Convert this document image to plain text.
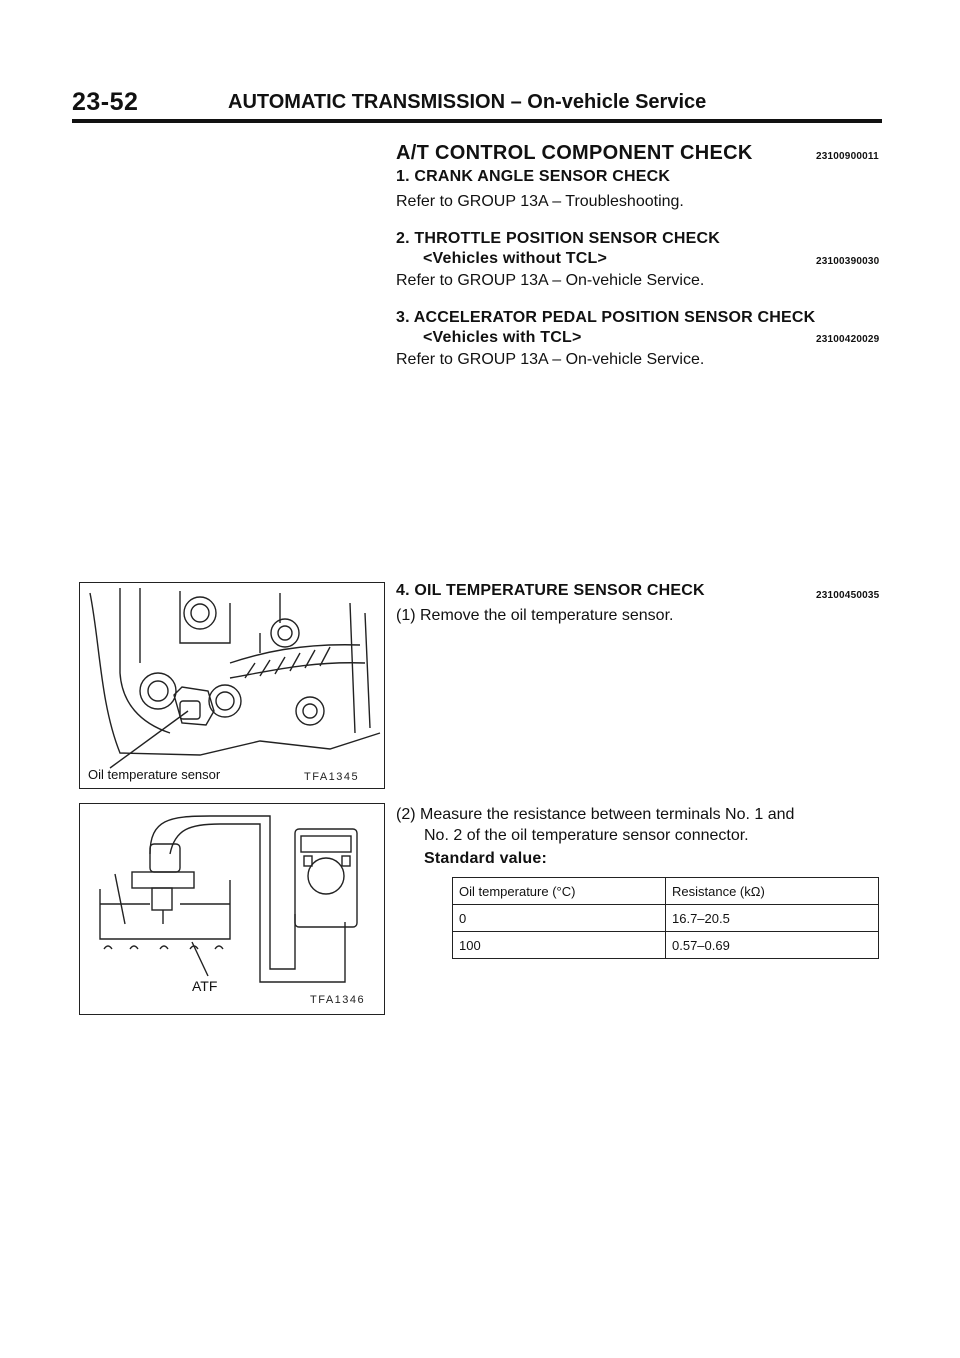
23-52	AUTOMATIC TRANSMISSION – On-vehicle Service
A/T CONTROL COMPONENT CHECK	23100900011
1. CRANK ANGLE SENSOR CHECK
Refer to GROUP 13A – Troubleshooting.
2. THROTTLE POSITION SENSOR CHECK
<Vehicles without TCL>	23100390030
Refer to GROUP 13A – On-vehicle Service.
3. ACCELERATOR PEDAL POSITION SENSOR CHECK
<Vehicles with TCL>	23100420029
Refer to GROUP 13A – On-vehicle Service.
4. OIL TEMPERATURE SENSOR CHECK	23100450035
(1) Remove the oil temperature sensor.
(2) Measure the resistance between terminals No. 1 and
No. 2 of the oil temperature sensor connector.
Standard value:
Oil temperature (°C)	Resistance (kΩ)
0	16.7–20.5
100	0.57–0.69
Oil temperature sensor	TFA1345
ATF
TFA1346
